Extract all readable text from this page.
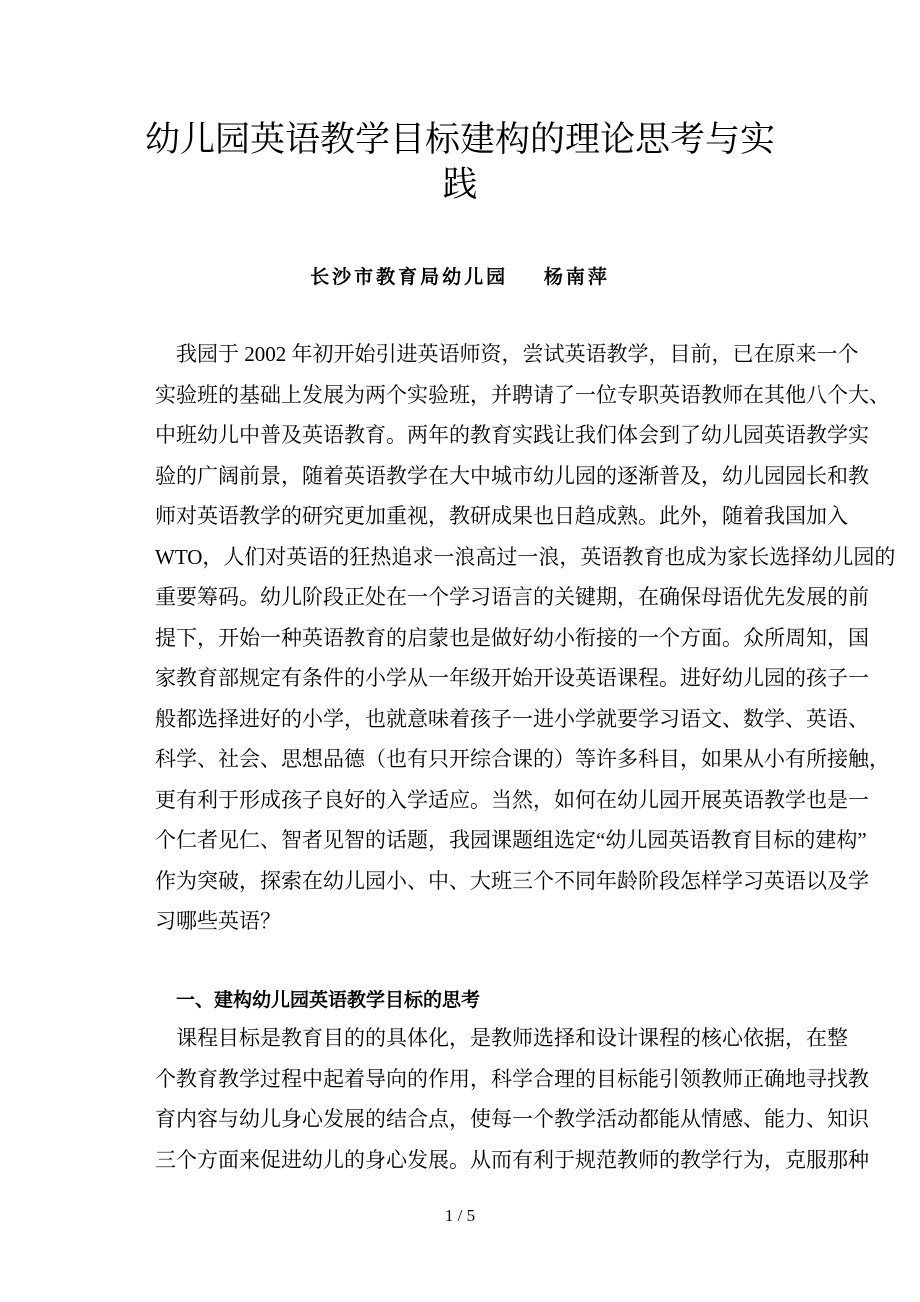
幼儿园英语教学目标建构的理论思考与实
践
长沙市教育局幼儿园 杨南萍
我园于 2002 年初开始引进英语师资，尝试英语教学，目前，已在原来一个
实验班的基础上发展为两个实验班，并聘请了一位专职英语教师在其他八个大、
中班幼儿中普及英语教育。两年的教育实践让我们体会到了幼儿园英语教学实
验的广阔前景，随着英语教学在大中城市幼儿园的逐渐普及，幼儿园园长和教
师对英语教学的研究更加重视，教研成果也日趋成熟。此外，随着我国加入
WTO，人们对英语的狂热追求一浪高过一浪，英语教育也成为家长选择幼儿园的
重要筹码。幼儿阶段正处在一个学习语言的关键期，在确保母语优先发展的前
提下，开始一种英语教育的启蒙也是做好幼小衔接的一个方面。众所周知，国
家教育部规定有条件的小学从一年级开始开设英语课程。进好幼儿园的孩子一
般都选择进好的小学，也就意味着孩子一进小学就要学习语文、数学、英语、
科学、社会、思想品德（也有只开综合课的）等许多科目，如果从小有所接触，
更有利于形成孩子良好的入学适应。当然，如何在幼儿园开展英语教学也是一
个仁者见仁、智者见智的话题，我园课题组选定“幼儿园英语教育目标的建构”
作为突破，探索在幼儿园小、中、大班三个不同年龄阶段怎样学习英语以及学
习哪些英语？
一、建构幼儿园英语教学目标的思考
课程目标是教育目的的具体化，是教师选择和设计课程的核心依据，在整
个教育教学过程中起着导向的作用，科学合理的目标能引领教师正确地寻找教
育内容与幼儿身心发展的结合点，使每一个教学活动都能从情感、能力、知识
三个方面来促进幼儿的身心发展。从而有利于规范教师的教学行为，克服那种
1 / 5
